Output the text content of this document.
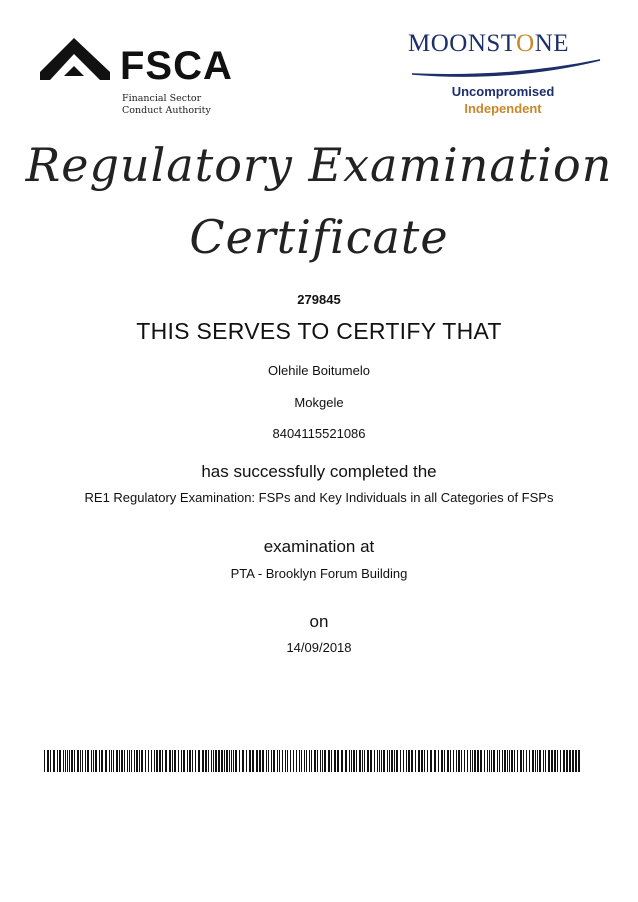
FSCA
Financial Sector
Conduct Authority
MOONSTONE
Uncompromised
Independent
Regulatory Examination
Certificate
279845
THIS SERVES TO CERTIFY THAT
Olehile Boitumelo
Mokgele
8404115521086
has successfully completed the
RE1 Regulatory Examination: FSPs and Key Individuals in all Categories of FSPs
examination at
PTA - Brooklyn Forum Building
on
14/09/2018
